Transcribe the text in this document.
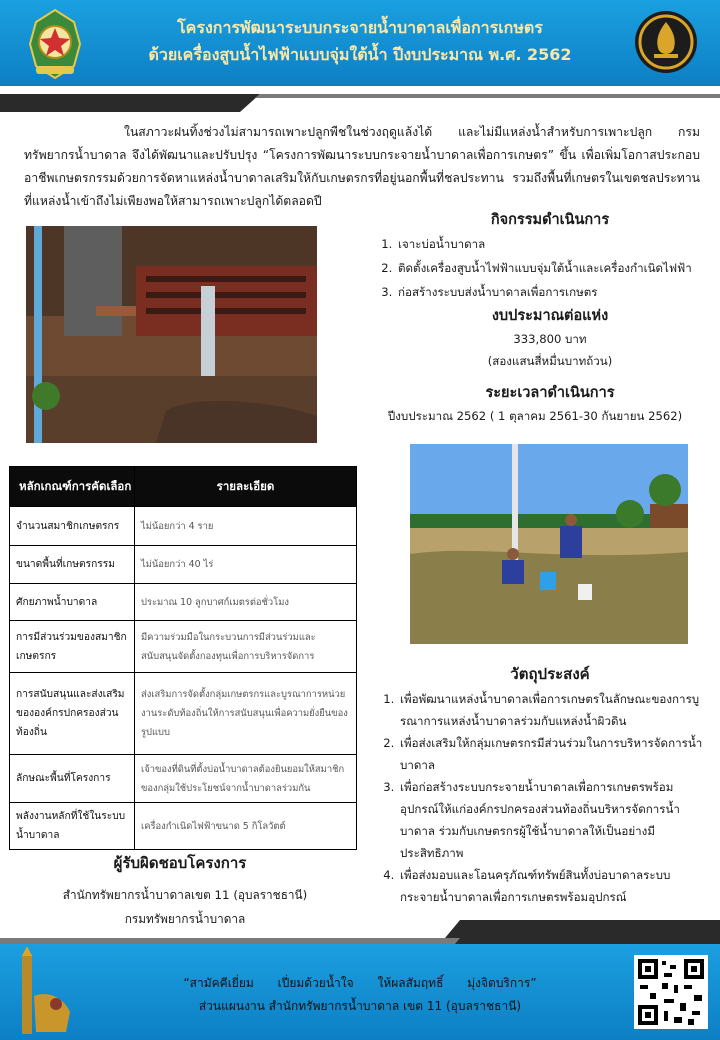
โครงการพัฒนาระบบกระจายน้ำบาดาลเพื่อการเกษตร
ด้วยเครื่องสูบน้ำไฟฟ้าแบบจุ่มใต้น้ำ ปีงบประมาณ พ.ศ. 2562

ในสภาวะฝนทิ้งช่วงไม่สามารถเพาะปลูกพืชในช่วงฤดูแล้งได้ และไม่มีแหล่งน้ำสำหรับการเพาะปลูก กรมทรัพยากรน้ำบาดาล จึงได้พัฒนาและปรับปรุง “โครงการพัฒนาระบบกระจายน้ำบาดาลเพื่อการเกษตร” ขึ้น เพื่อเพิ่มโอกาสประกอบอาชีพเกษตรกรรมด้วยการจัดหาแหล่งน้ำบาดาลเสริมให้กับเกษตรกรที่อยู่นอกพื้นที่ชลประทาน รวมถึงพื้นที่เกษตรในเขตชลประทานที่แหล่งน้ำเข้าถึงไม่เพียงพอให้สามารถเพาะปลูกได้ตลอดปี

กิจกรรมดำเนินการ
1. เจาะบ่อน้ำบาดาล
2. ติดตั้งเครื่องสูบน้ำไฟฟ้าแบบจุ่มใต้น้ำและเครื่องกำเนิดไฟฟ้า
3. ก่อสร้างระบบส่งน้ำบาดาลเพื่อการเกษตร
งบประมาณต่อแห่ง
333,800 บาท
(สองแสนสี่หมื่นบาทถ้วน)
ระยะเวลาดำเนินการ
ปีงบประมาณ 2562 ( 1 ตุลาคม 2561-30 กันยายน 2562)
หลักเกณฑ์การคัดเลือก	รายละเอียด
จำนวนสมาชิกเกษตรกร	ไม่น้อยกว่า 4 ราย
ขนาดพื้นที่เกษตรกรรม	ไม่น้อยกว่า 40 ไร่
ศักยภาพน้ำบาดาล	ประมาณ 10 ลูกบาศก์เมตรต่อชั่วโมง
การมีส่วนร่วมของสมาชิกเกษตรกร	มีความร่วมมือในกระบวนการมีส่วนร่วมและสนับสนุนจัดตั้งกองทุนเพื่อการบริหารจัดการ
การสนับสนุนและส่งเสริมขององค์กรปกครองส่วนท้องถิ่น	ส่งเสริมการจัดตั้งกลุ่มเกษตรกรและบูรณาการหน่วยงานระดับท้องถิ่นให้การสนับสนุนเพื่อความยั่งยืนของรูปแบบ
ลักษณะพื้นที่โครงการ	เจ้าของที่ดินที่ตั้งบ่อน้ำบาดาลต้องยินยอมให้สมาชิกของกลุ่มใช้ประโยชน์จากน้ำบาดาลร่วมกัน
พลังงานหลักที่ใช้ในระบบน้ำบาดาล	เครื่องกำเนิดไฟฟ้าขนาด 5 กิโลวัตต์
ผู้รับผิดชอบโครงการ
สำนักทรัพยากรน้ำบาดาลเขต 11 (อุบลราชธานี)
กรมทรัพยากรน้ำบาดาล
วัตถุประสงค์
1. เพื่อพัฒนาแหล่งน้ำบาดาลเพื่อการเกษตรในลักษณะของการบูรณาการแหล่งน้ำบาดาลร่วมกับแหล่งน้ำผิวดิน
2. เพื่อส่งเสริมให้กลุ่มเกษตรกรมีส่วนร่วมในการบริหารจัดการน้ำบาดาล
3. เพื่อก่อสร้างระบบกระจายน้ำบาดาลเพื่อการเกษตรพร้อมอุปกรณ์ให้แก่องค์กรปกครองส่วนท้องถิ่นบริหารจัดการน้ำบาดาล ร่วมกับเกษตรกรผู้ใช้น้ำบาดาลให้เป็นอย่างมีประสิทธิภาพ
4. เพื่อส่งมอบและโอนครุภัณฑ์ทรัพย์สินทั้งบ่อบาดาลระบบกระจายน้ำบาดาลเพื่อการเกษตรพร้อมอุปกรณ์
“สามัคคีเยี่ยม เปี่ยมด้วยน้ำใจ ให้ผลสัมฤทธิ์ มุ่งจิตบริการ”
ส่วนแผนงาน สำนักทรัพยากรน้ำบาดาล เขต 11 (อุบลราชธานี)
